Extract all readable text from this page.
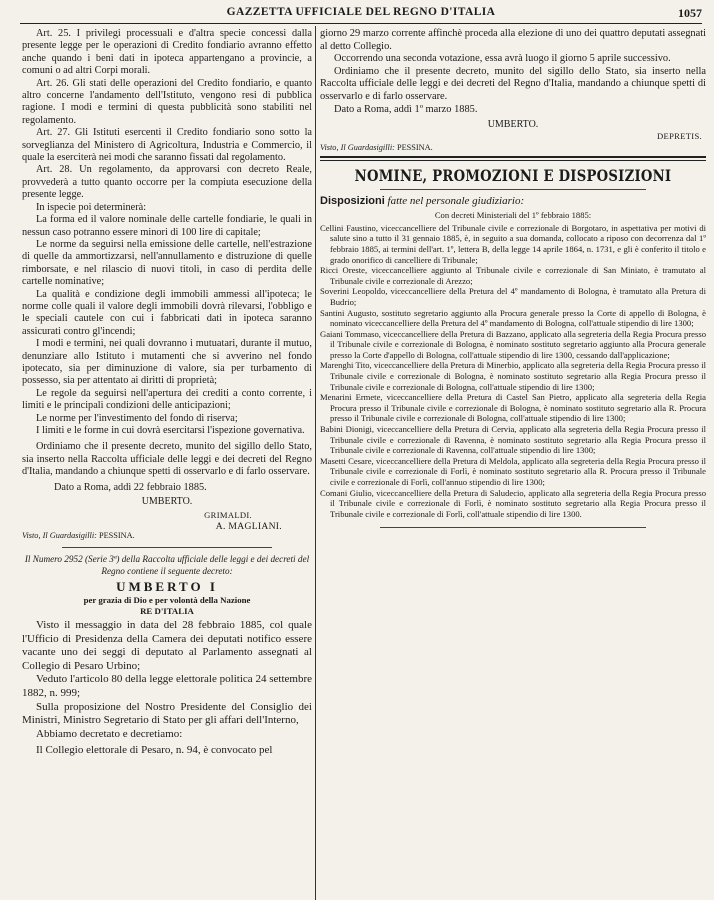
GAZZETTA UFFICIALE DEL REGNO D'ITALIA	1057

Art. 25. I privilegi processuali e d'altra specie concessi dalla presente legge per le operazioni di Credito fondiario avranno effetto anche quando i beni dati in ipoteca appartengano a provincie, a comuni o ad altri Corpi morali.

Art. 26. Gli stati delle operazioni del Credito fondiario, e quanto altro concerne l'andamento dell'Istituto, vengono resi di pubblica ragione. I modi e termini di questa pubblicità sono stabiliti nel regolamento.

Art. 27. Gli Istituti esercenti il Credito fondiario sono sotto la sorveglianza del Ministero di Agricoltura, Industria e Commercio, il quale la eserciterà nei modi che saranno fissati dal regolamento.

Art. 28. Un regolamento, da approvarsi con decreto Reale, provvederà a tutto quanto occorre per la compiuta esecuzione della presente legge.

In ispecie poi determinerà:

La forma ed il valore nominale delle cartelle fondiarie, le quali in nessun caso potranno essere minori di 100 lire di capitale;

Le norme da seguirsi nella emissione delle cartelle, nell'estrazione di quelle da ammortizzarsi, nell'annullamento e distruzione di quelle rimborsate, e nel rilascio di nuovi titoli, in caso di perdita delle cartelle nominative;

La qualità e condizione degli immobili ammessi all'ipoteca; le norme colle quali il valore degli immobili dovrà rilevarsi, l'obbligo e le speciali cautele con cui i fabbricati dati in ipoteca saranno assicurati contro gl'incendi;

I modi e termini, nei quali dovranno i mutuatari, durante il mutuo, denunziare allo Istituto i mutamenti che si avverino nel fondo ipotecato, sia per diminuzione di valore, sia per turbamento di possesso, sia per attentato ai diritti di proprietà;

Le regole da seguirsi nell'apertura dei crediti a conto corrente, i limiti e le principali condizioni delle anticipazioni;

Le norme per l'investimento del fondo di riserva;

I limiti e le forme in cui dovrà esercitarsi l'ispezione governativa.

Ordiniamo che il presente decreto, munito del sigillo dello Stato, sia inserto nella Raccolta ufficiale delle leggi e dei decreti del Regno d'Italia, mandando a chiunque spetti di osservarlo e di farlo osservare.

Dato a Roma, addì 22 febbraio 1885.

UMBERTO.

GRIMALDI.

A. MAGLIANI.

Visto, Il Guardasigilli: PESSINA.

Il Numero 2952 (Serie 3ª) della Raccolta ufficiale delle leggi e dei decreti del Regno contiene il seguente decreto:

UMBERTO I

per grazia di Dio e per volontà della Nazione

RE D'ITALIA

Visto il messaggio in data del 28 febbraio 1885, col quale l'Ufficio di Presidenza della Camera dei deputati notifico essere vacante uno dei seggi di deputato al Parlamento assegnati al Collegio di Pesaro Urbino;

Veduto l'articolo 80 della legge elettorale politica 24 settembre 1882, n. 999;

Sulla proposizione del Nostro Presidente del Consiglio dei Ministri, Ministro Segretario di Stato per gli affari dell'Interno,

Abbiamo decretato e decretiamo:

Il Collegio elettorale di Pesaro, n. 94, è convocato pel

giorno 29 marzo corrente affinchè proceda alla elezione di uno dei quattro deputati assegnati al detto Collegio.

Occorrendo una seconda votazione, essa avrà luogo il giorno 5 aprile successivo.

Ordiniamo che il presente decreto, munito del sigillo dello Stato, sia inserto nella Raccolta ufficiale delle leggi e dei decreti del Regno d'Italia, mandando a chiunque spetti di osservarlo e di farlo osservare.

Dato a Roma, addì 1º marzo 1885.

UMBERTO.

DEPRETIS.

Visto, Il Guardasigilli: PESSINA.

NOMINE, PROMOZIONI E DISPOSIZIONI

Disposizioni fatte nel personale giudiziario:

Con decreti Ministeriali del 1º febbraio 1885:

Cellini Faustino, viceccancelliere del Tribunale civile e correzionale di Borgotaro, in aspettativa per motivi di salute sino a tutto il 31 gennaio 1885, è, in seguito a sua domanda, collocato a riposo con decorrenza dal 1º febbraio 1885, ai termini dell'art. 1º, lettera B, della legge 14 aprile 1864, n. 1731, e gli è conferito il titolo e grado onorifico di cancelliere di Tribunale;

Ricci Oreste, viceccancelliere aggiunto al Tribunale civile e correzionale di San Miniato, è tramutato al Tribunale civile e correzionale di Arezzo;

Soverini Leopoldo, viceccancelliere della Pretura del 4º mandamento di Bologna, è tramutato alla Pretura di Budrio;

Santini Augusto, sostituto segretario aggiunto alla Procura generale presso la Corte di appello di Bologna, è nominato viceccancelliere della Pretura del 4º mandamento di Bologna, coll'attuale stipendio di lire 1300;

Gaiani Tommaso, viceccancelliere della Pretura di Bazzano, applicato alla segreteria della Regia Procura presso il Tribunale civile e correzionale di Bologna, è nominato sostituto segretario aggiunto alla Procura generale presso la Corte d'appello di Bologna, coll'attuale stipendio di lire 1300, cessando dall'applicazione;

Marenghi Tito, viceccancelliere della Pretura di Minerbio, applicato alla segreteria della Regia Procura presso il Tribunale civile e correzionale di Bologna, è nominato sostituto segretario alla Regia Procura presso il Tribunale civile e correzionale di Bologna, coll'attuale stipendio di lire 1300;

Menarini Ermete, viceccancelliere della Pretura di Castel San Pietro, applicato alla segreteria della Regia Procura presso il Tribunale civile e correzionale di Bologna, è nominato sostituto segretario alla R. Procura presso il Tribunale civile e correzionale di Bologna, coll'attuale stipendio di lire 1300;

Babini Dionigi, viceccancelliere della Pretura di Cervia, applicato alla segreteria della Regia Procura presso il Tribunale civile e correzionale di Ravenna, è nominato sostituto segretario alla Regia Procura presso il Tribunale civile e correzionale di Ravenna, coll'attuale stipendio di lire 1300;

Masetti Cesare, viceccancelliere della Pretura di Meldola, applicato alla segreteria della Regia Procura presso il Tribunale civile e correzionale di Forlì, è nominato sostituto segretario alla R. Procura presso il Tribunale civile e correzionale di Forlì, coll'annuo stipendio di lire 1300;

Comani Giulio, viceccancelliere della Pretura di Saludecio, applicato alla segreteria della Regia Procura presso il Tribunale civile e correzionale di Forlì, è nominato sostituto segretario alla Regia Procura presso il Tribunale civile e correzionale di Forlì, coll'attuale stipendio di lire 1300.
